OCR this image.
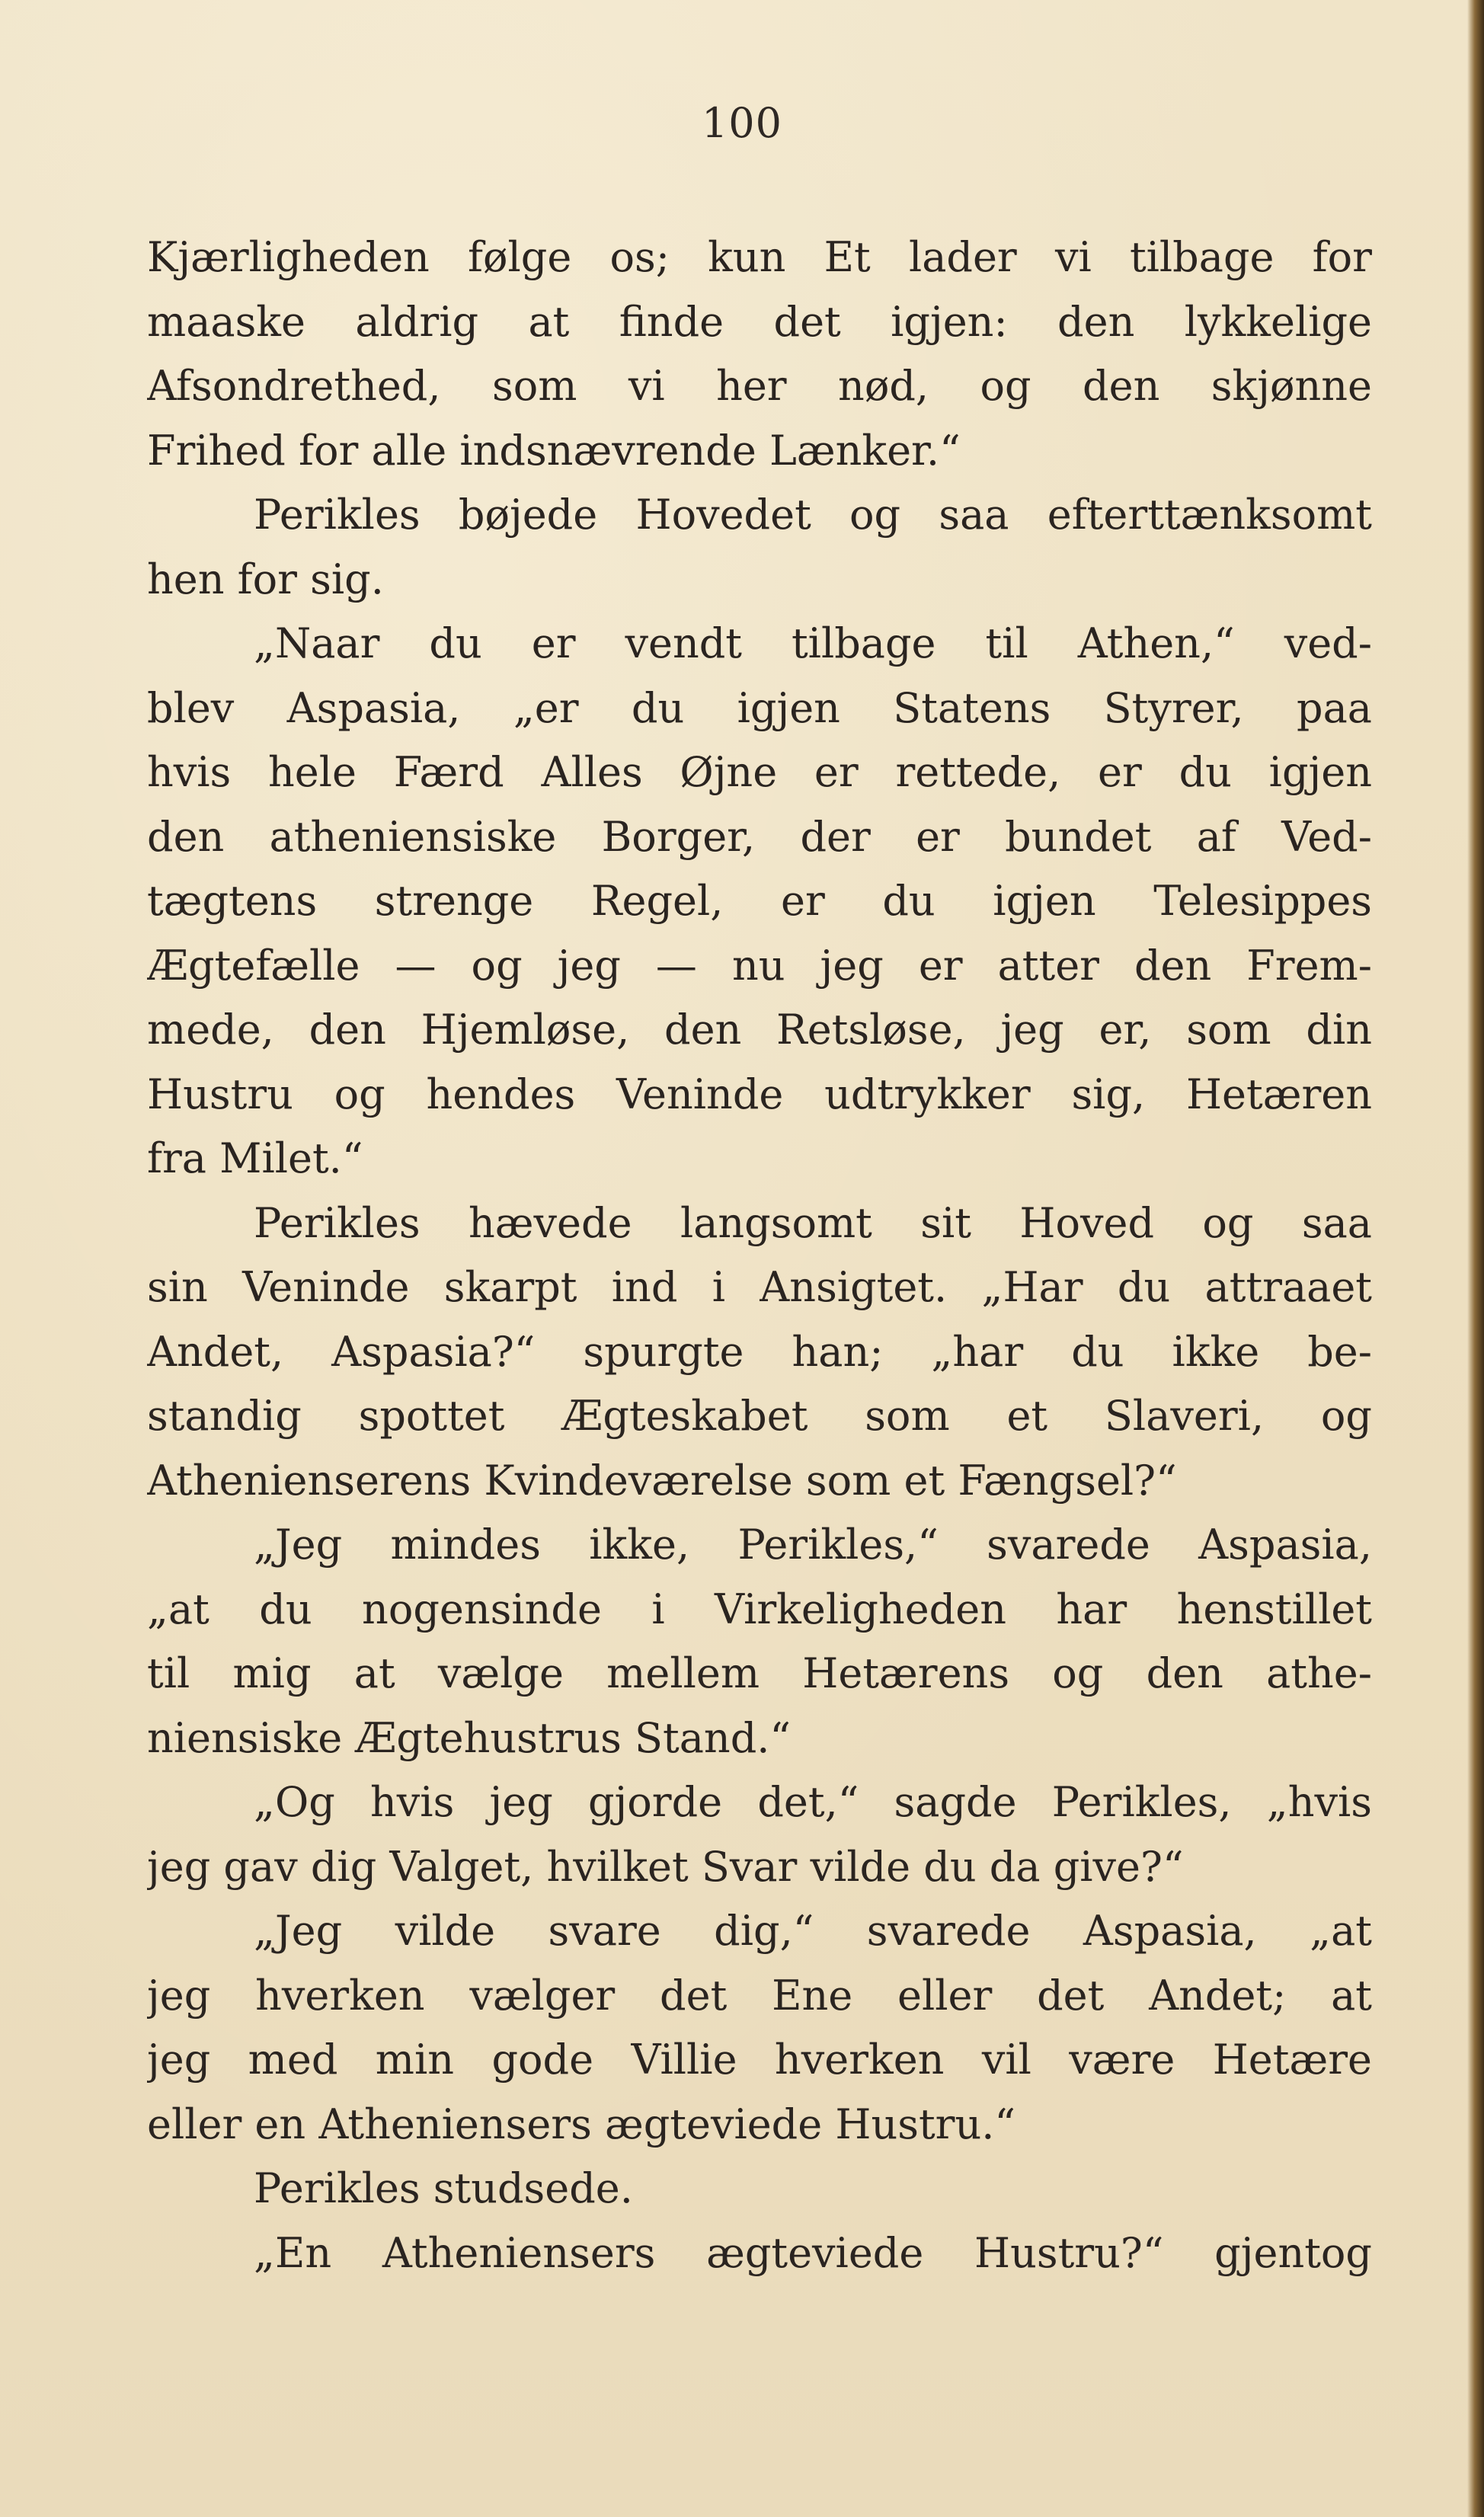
100
Kjærligheden følge os; kun Et lader vi tilbage for
maaske aldrig at finde det igjen: den lykkelige
Afsondrethed, som vi her nød, og den skjønne
Frihed for alle indsnævrende Lænker.“
Perikles bøjede Hovedet og saa efterttænksomt
hen for sig.
„Naar du er vendt tilbage til Athen,“ ved-
blev Aspasia, „er du igjen Statens Styrer, paa
hvis hele Færd Alles Øjne er rettede, er du igjen
den atheniensiske Borger, der er bundet af Ved-
tægtens strenge Regel, er du igjen Telesippes
Ægtefælle — og jeg — nu jeg er atter den Frem-
mede, den Hjemløse, den Retsløse, jeg er, som din
Hustru og hendes Veninde udtrykker sig, Hetæren
fra Milet.“
Perikles hævede langsomt sit Hoved og saa
sin Veninde skarpt ind i Ansigtet. „Har du attraaet
Andet, Aspasia?“ spurgte han; „har du ikke be-
standig spottet Ægteskabet som et Slaveri, og
Athenienserens Kvindeværelse som et Fængsel?“
„Jeg mindes ikke, Perikles,“ svarede Aspasia,
„at du nogensinde i Virkeligheden har henstillet
til mig at vælge mellem Hetærens og den athe-
niensiske Ægtehustrus Stand.“
„Og hvis jeg gjorde det,“ sagde Perikles, „hvis
jeg gav dig Valget, hvilket Svar vilde du da give?“
„Jeg vilde svare dig,“ svarede Aspasia, „at
jeg hverken vælger det Ene eller det Andet; at
jeg med min gode Villie hverken vil være Hetære
eller en Atheniensers ægteviede Hustru.“
Perikles studsede.
„En Atheniensers ægteviede Hustru?“ gjentog
